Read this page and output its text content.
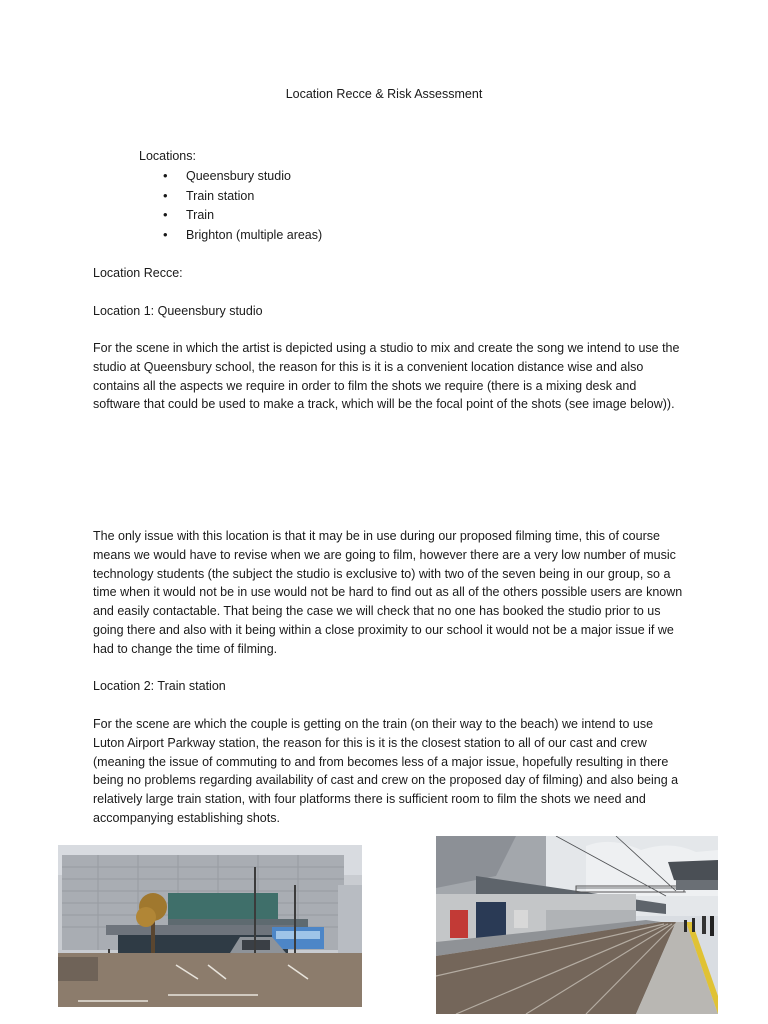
Location Recce & Risk Assessment
Locations:
• Queensbury studio
• Train station
• Train
• Brighton (multiple areas)

Location Recce:

Location 1: Queensbury studio

For the scene in which the artist is depicted using a studio to mix and create the song we intend to use the studio at Queensbury school, the reason for this is it is a convenient location distance wise and also contains all the aspects we require in order to film the shots we require (there is a mixing desk and software that could be used to make a track, which will be the focal point of the shots (see image below)).

The only issue with this location is that it may be in use during our proposed filming time, this of course means we would have to revise when we are going to film, however there are a very low number of music technology students (the subject the studio is exclusive to) with two of the seven being in our group, so a time when it would not be in use would not be hard to find out as all of the others possible users are known and easily contactable. That being the case we will check that no one has booked the studio prior to us going there and also with it being within a close proximity to our school it would not be a major issue if we had to change the time of filming.

Location 2: Train station

For the scene are which the couple is getting on the train (on their way to the beach) we intend to use Luton Airport Parkway station, the reason for this is it is the closest station to all of our cast and crew (meaning the issue of commuting to and from becomes less of a major issue, hopefully resulting in there being no problems regarding availability of cast and crew on the proposed day of filming) and also being a relatively large train station, with four platforms there is sufficient room to film the shots we need and accompanying establishing shots.
